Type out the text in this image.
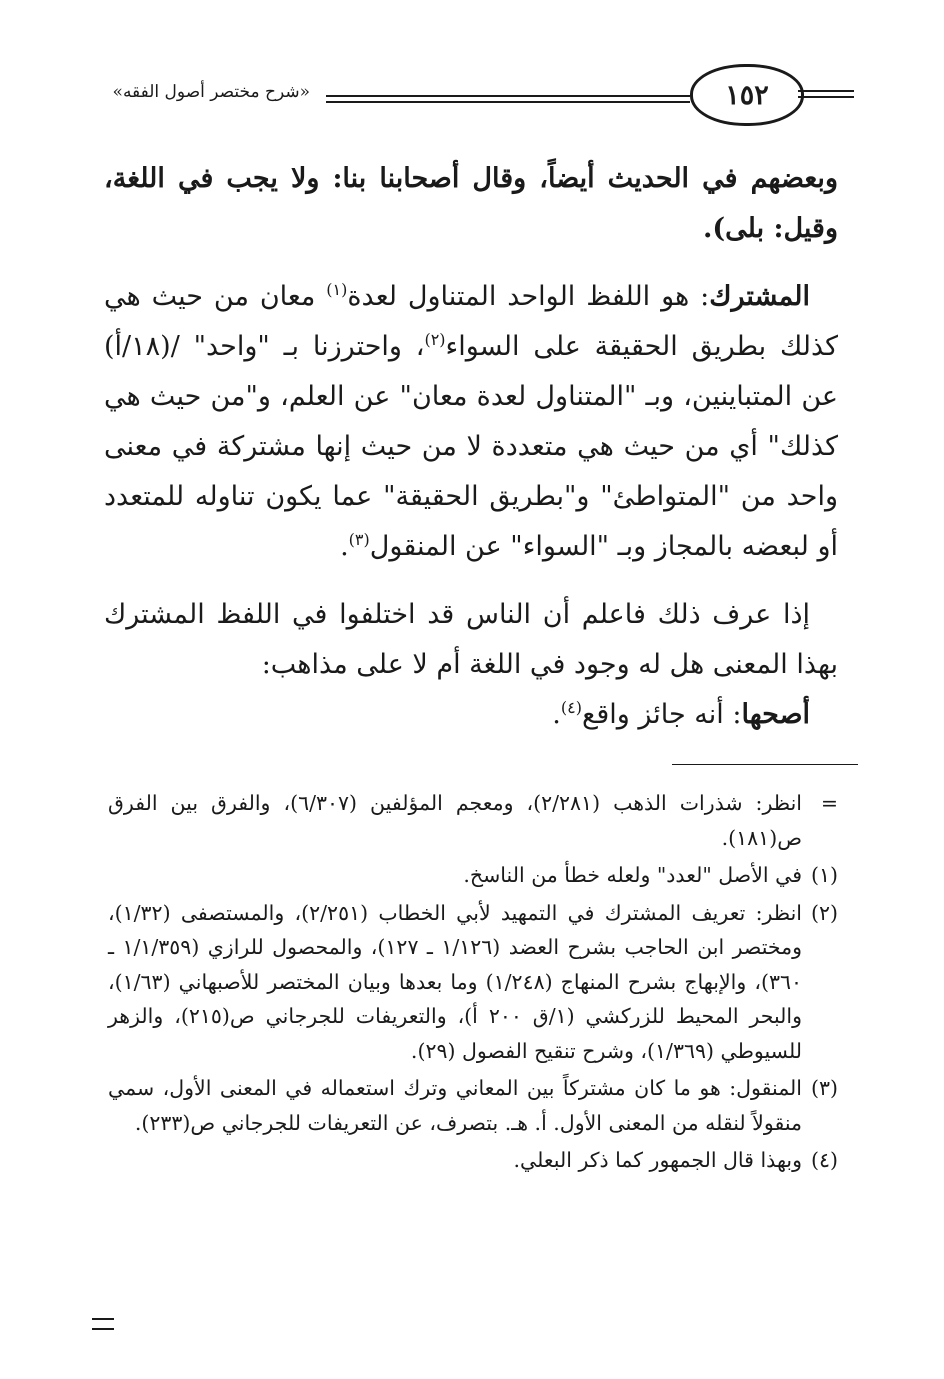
«شرح مختصر أصول الفقه»	١٥٢

وبعضهم في الحديث أيضاً، وقال أصحابنا بنا: ولا يجب في اللغة، وقيل: بلى).

المشترك: هو اللفظ الواحد المتناول لعدة$^{(١)}$ معان من حيث هي كذلك بطريق الحقيقة على السواء$^{(٢)}$، واحترزنا بـ "واحد" /(١٨/أ) عن المتباينين، وبـ "المتناول لعدة معان" عن العلم، و"من حيث هي كذلك" أي من حيث هي متعددة لا من حيث إنها مشتركة في معنى واحد من "المتواطئ" و"بطريق الحقيقة" عما يكون تناوله للمتعدد أو لبعضه بالمجاز وبـ "السواء" عن المنقول$^{(٣)}$.

إذا عرف ذلك فاعلم أن الناس قد اختلفوا في اللفظ المشترك بهذا المعنى هل له وجود في اللغة أم لا على مذاهب:

أصحها: أنه جائز واقع$^{(٤)}$.

=
انظر: شذرات الذهب (٢/٢٨١)، ومعجم المؤلفين (٦/٣٠٧)، والفرق بين الفرق ص(١٨١).
(١)
في الأصل "لعدد" ولعله خطأ من الناسخ.
(٢)
انظر: تعريف المشترك في التمهيد لأبي الخطاب (٢/٢٥١)، والمستصفى (١/٣٢)، ومختصر ابن الحاجب بشرح العضد (١/١٢٦ ـ ١٢٧)، والمحصول للرازي (١/١/٣٥٩ ـ ٣٦٠)، والإبهاج بشرح المنهاج (١/٢٤٨) وما بعدها وبيان المختصر للأصبهاني (١/٦٣)، والبحر المحيط للزركشي (١/ق ٢٠٠ أ)، والتعريفات للجرجاني ص(٢١٥)، والزهر للسيوطي (١/٣٦٩)، وشرح تنقيح الفصول (٢٩).
(٣)
المنقول: هو ما كان مشتركاً بين المعاني وترك استعماله في المعنى الأول، سمي منقولاً لنقله من المعنى الأول. أ. هـ. بتصرف، عن التعريفات للجرجاني ص(٢٣٣).
(٤)
وبهذا قال الجمهور كما ذكر البعلي.
